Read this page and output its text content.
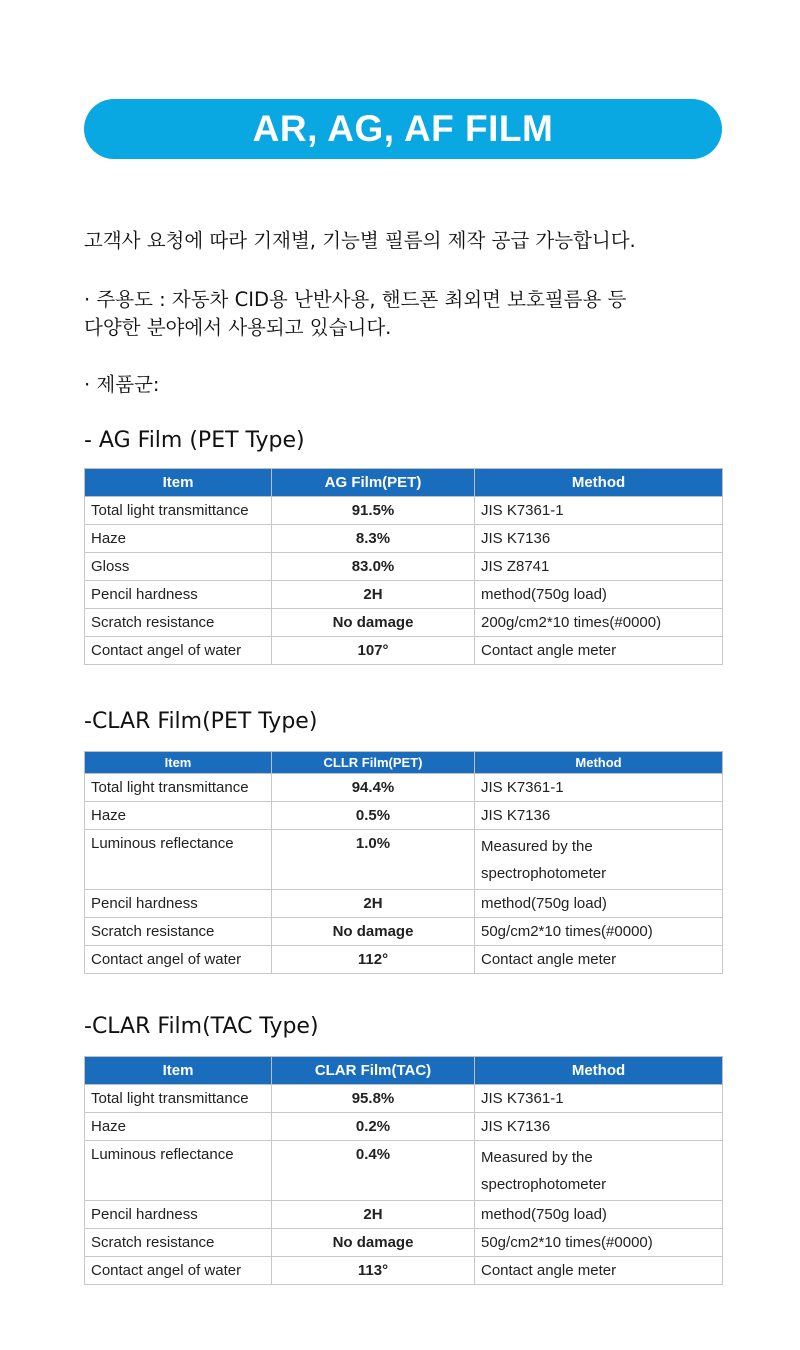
AR, AG, AF FILM
고객사 요청에 따라 기재별, 기능별 필름의 제작 공급 가능합니다.
· 주용도 : 자동차 CID용 난반사용, 핸드폰 최외면 보호필름용 등
다양한 분야에서 사용되고 있습니다.
· 제품군:
- AG Film (PET Type)
Item	AG Film(PET)	Method
Total light transmittance	91.5%	JIS K7361-1
Haze	8.3%	JIS K7136
Gloss	83.0%	JIS Z8741
Pencil hardness	2H	method(750g load)
Scratch resistance	No damage	200g/cm2*10 times(#0000)
Contact angel of water	107°	Contact angle meter
-CLAR Film(PET Type)
Item	CLLR Film(PET)	Method
Total light transmittance	94.4%	JIS K7361-1
Haze	0.5%	JIS K7136
Luminous reflectance	1.0%	Measured by the
spectrophotometer

Pencil hardness	2H	method(750g load)
Scratch resistance	No damage	50g/cm2*10 times(#0000)
Contact angel of water	112°	Contact angle meter
-CLAR Film(TAC Type)
Item	CLAR Film(TAC)	Method
Total light transmittance	95.8%	JIS K7361-1
Haze	0.2%	JIS K7136
Luminous reflectance	0.4%	Measured by the
spectrophotometer

Pencil hardness	2H	method(750g load)
Scratch resistance	No damage	50g/cm2*10 times(#0000)
Contact angel of water	113°	Contact angle meter
